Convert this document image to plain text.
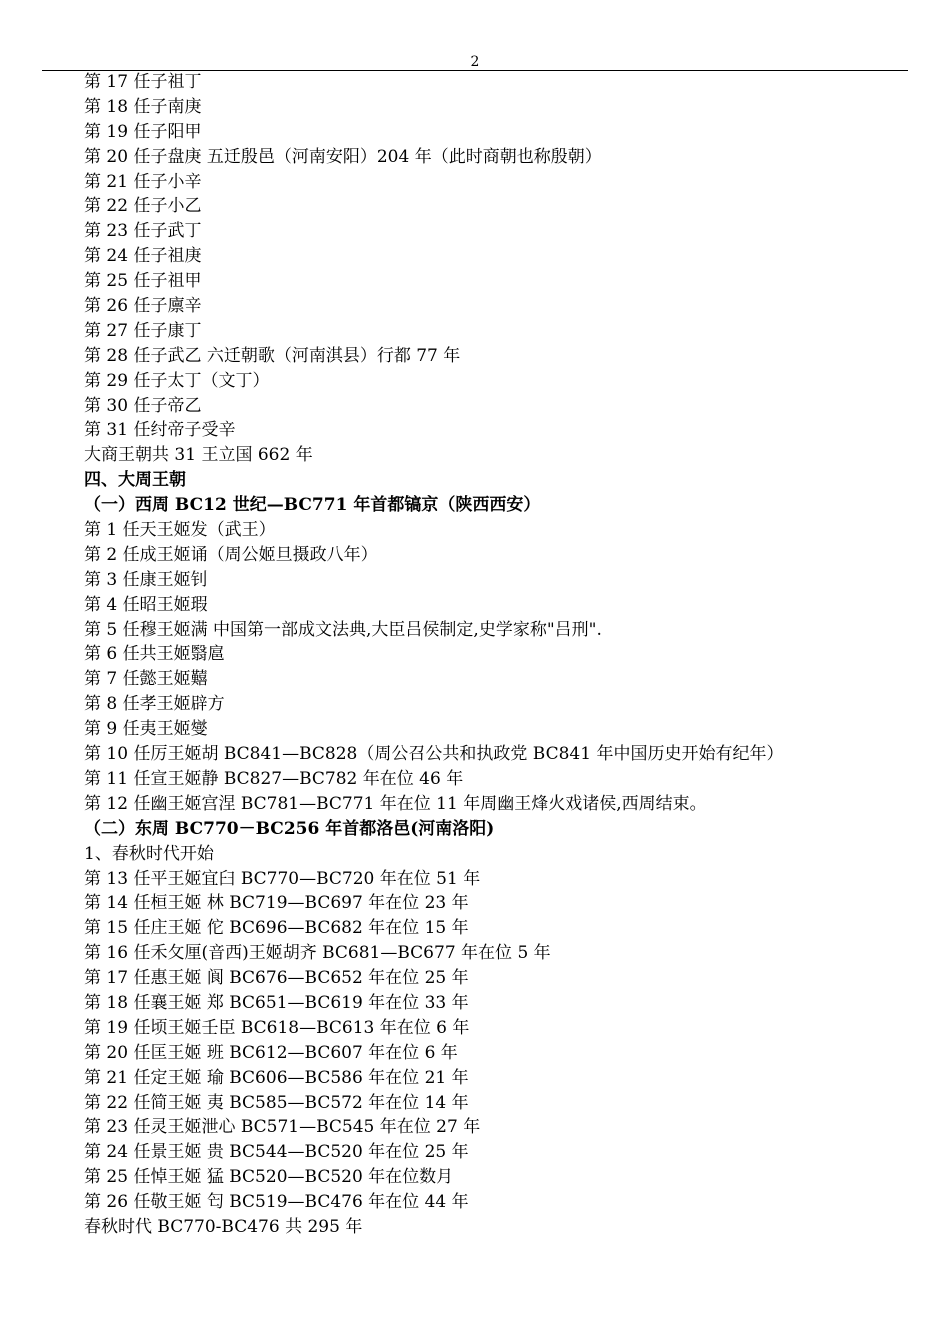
2
第 17 任子祖丁
第 18 任子南庚
第 19 任子阳甲
第 20 任子盘庚 五迁殷邑（河南安阳）204 年（此时商朝也称殷朝）
第 21 任子小辛
第 22 任子小乙
第 23 任子武丁
第 24 任子祖庚
第 25 任子祖甲
第 26 任子廪辛
第 27 任子康丁
第 28 任子武乙 六迁朝歌（河南淇县）行都 77 年
第 29 任子太丁（文丁）
第 30 任子帝乙
第 31 任纣帝子受辛
大商王朝共 31 王立国 662 年
四、大周王朝
（一）西周 BC12 世纪—BC771 年首都镐京（陕西西安）
第 1 任天王姬发（武王）
第 2 任成王姬诵（周公姬旦摄政八年）
第 3 任康王姬钊
第 4 任昭王姬瑕
第 5 任穆王姬满 中国第一部成文法典,大臣吕侯制定,史学家称"吕刑".
第 6 任共王姬翳扈
第 7 任懿王姬囏
第 8 任孝王姬辟方
第 9 任夷王姬燮
第 10 任厉王姬胡 BC841—BC828（周公召公共和执政党 BC841 年中国历史开始有纪年）
第 11 任宣王姬静 BC827—BC782 年在位 46 年
第 12 任幽王姬宫涅 BC781—BC771 年在位 11 年周幽王烽火戏诸侯,西周结束。
（二）东周 BC770－BC256 年首都洛邑(河南洛阳)
1、春秋时代开始
第 13 任平王姬宜臼 BC770—BC720 年在位 51 年
第 14 任桓王姬 林 BC719—BC697 年在位 23 年
第 15 任庄王姬 佗 BC696—BC682 年在位 15 年
第 16 任禾攵厘(音西)王姬胡齐 BC681—BC677 年在位 5 年
第 17 任惠王姬 阆 BC676—BC652 年在位 25 年
第 18 任襄王姬 郑 BC651—BC619 年在位 33 年
第 19 任顷王姬壬臣 BC618—BC613 年在位 6 年
第 20 任匡王姬 班 BC612—BC607 年在位 6 年
第 21 任定王姬 瑜 BC606—BC586 年在位 21 年
第 22 任简王姬 夷 BC585—BC572 年在位 14 年
第 23 任灵王姬泄心 BC571—BC545 年在位 27 年
第 24 任景王姬 贵 BC544—BC520 年在位 25 年
第 25 任悼王姬 猛 BC520—BC520 年在位数月
第 26 任敬王姬 匄 BC519—BC476 年在位 44 年
春秋时代 BC770-BC476 共 295 年
